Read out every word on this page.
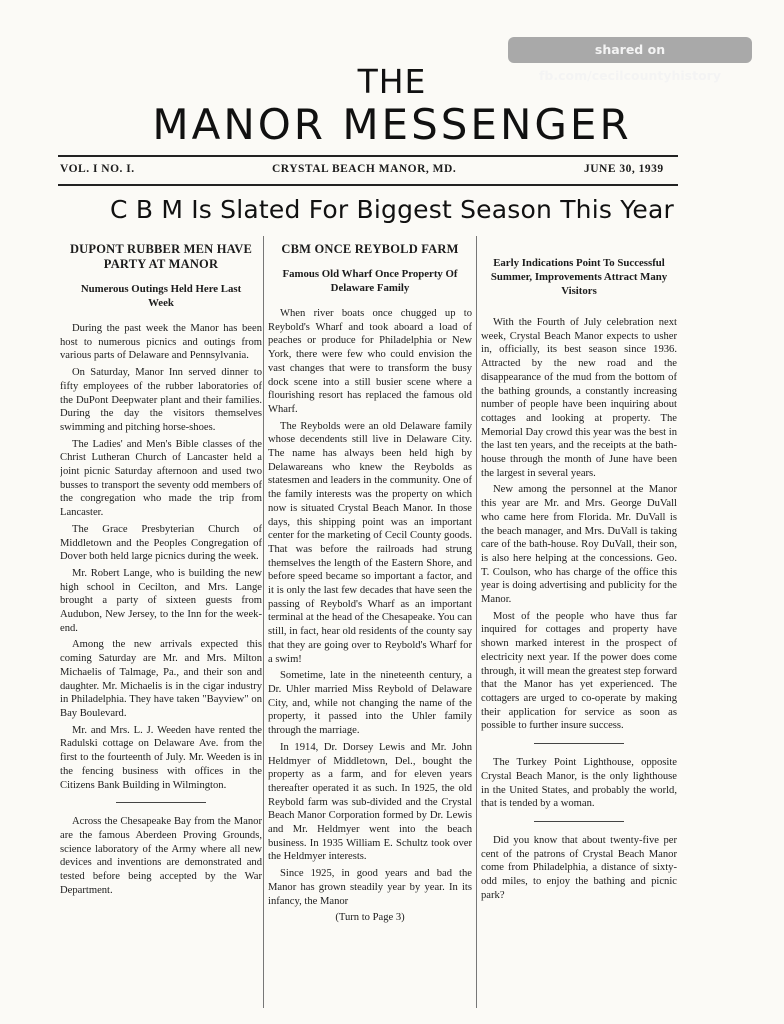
shared on fb.com/cecilcountyhistory
THE
MANOR MESSENGER
VOL. I NO. I.	CRYSTAL BEACH MANOR, MD.	JUNE 30, 1939
C B M Is Slated For Biggest Season This Year
DUPONT RUBBER MEN HAVE PARTY AT MANOR
Numerous Outings Held Here Last Week

During the past week the Manor has been host to numerous picnics and outings from various parts of Delaware and Pennsylvania.

On Saturday, Manor Inn served dinner to fifty employees of the rubber laboratories of the DuPont Deepwater plant and their families. During the day the visitors themselves swimming and pitching horse-shoes.

The Ladies' and Men's Bible classes of the Christ Lutheran Church of Lancaster held a joint picnic Saturday afternoon and used two busses to transport the seventy odd members of the congregation who made the trip from Lancaster.

The Grace Presbyterian Church of Middletown and the Peoples Congregation of Dover both held large picnics during the week.

Mr. Robert Lange, who is building the new high school in Cecilton, and Mrs. Lange brought a party of sixteen guests from Audubon, New Jersey, to the Inn for the week-end.

Among the new arrivals expected this coming Saturday are Mr. and Mrs. Milton Michaelis of Talmage, Pa., and their son and daughter. Mr. Michaelis is in the cigar industry in Philadelphia. They have taken "Bayview" on Bay Boulevard.

Mr. and Mrs. L. J. Weeden have rented the Radulski cottage on Delaware Ave. from the first to the fourteenth of July. Mr. Weeden is in the fencing business with offices in the Citizens Bank Building in Wilmington.

Across the Chesapeake Bay from the Manor are the famous Aberdeen Proving Grounds, science laboratory of the Army where all new devices and inventions are demonstrated and tested before being accepted by the War Department.

CBM ONCE REYBOLD FARM
Famous Old Wharf Once Property Of Delaware Family

When river boats once chugged up to Reybold's Wharf and took aboard a load of peaches or produce for Philadelphia or New York, there were few who could envision the vast changes that were to transform the busy dock scene into a still busier scene where a flourishing resort has replaced the famous old Wharf.

The Reybolds were an old Delaware family whose decendents still live in Delaware City. The name has always been held high by Delawareans who knew the Reybolds as statesmen and leaders in the community. One of the family interests was the property on which now is situated Crystal Beach Manor. In those days, this shipping point was an important center for the marketing of Cecil County goods. That was before the railroads had strung themselves the length of the Eastern Shore, and before speed became so important a factor, and it is only the last few decades that have seen the passing of Reybold's Wharf as an important terminal at the head of the Chesapeake. You can still, in fact, hear old residents of the county say that they are going over to Reybold's Wharf for a swim!

Sometime, late in the nineteenth century, a Dr. Uhler married Miss Reybold of Delaware City, and, while not changing the name of the property, it passed into the Uhler family through the marriage.

In 1914, Dr. Dorsey Lewis and Mr. John Heldmyer of Middletown, Del., bought the property as a farm, and for eleven years thereafter operated it as such. In 1925, the old Reybold farm was sub-divided and the Crystal Beach Manor Corporation formed by Dr. Lewis and Mr. Heldmyer went into the beach business. In 1935 William E. Schultz took over the Heldmyer interests.

Since 1925, in good years and bad the Manor has grown steadily year by year. In its infancy, the Manor

(Turn to Page 3)

Early Indications Point To Successful Summer, Improvements Attract Many Visitors

With the Fourth of July celebration next week, Crystal Beach Manor expects to usher in, officially, its best season since 1936. Attracted by the new road and the disappearance of the mud from the bottom of the bathing grounds, a constantly increasing number of people have been inquiring about cottages and looking at property. The Memorial Day crowd this year was the best in the last ten years, and the receipts at the bath-house through the month of June have been the largest in several years.

New among the personnel at the Manor this year are Mr. and Mrs. George DuVall who came here from Florida. Mr. DuVall is the beach manager, and Mrs. DuVall is taking care of the bath-house. Roy DuVall, their son, is also here helping at the concessions. Geo. T. Coulson, who has charge of the office this year is doing advertising and publicity for the Manor.

Most of the people who have thus far inquired for cottages and property have shown marked interest in the prospect of electricity next year. If the power does come through, it will mean the greatest step forward that the Manor has yet experienced. The cottagers are urged to co-operate by making their application for service as soon as possible to further insure success.

The Turkey Point Lighthouse, opposite Crystal Beach Manor, is the only lighthouse in the United States, and probably the world, that is tended by a woman.

Did you know that about twenty-five per cent of the patrons of Crystal Beach Manor come from Philadelphia, a distance of sixty-odd miles, to enjoy the bathing and picnic park?
